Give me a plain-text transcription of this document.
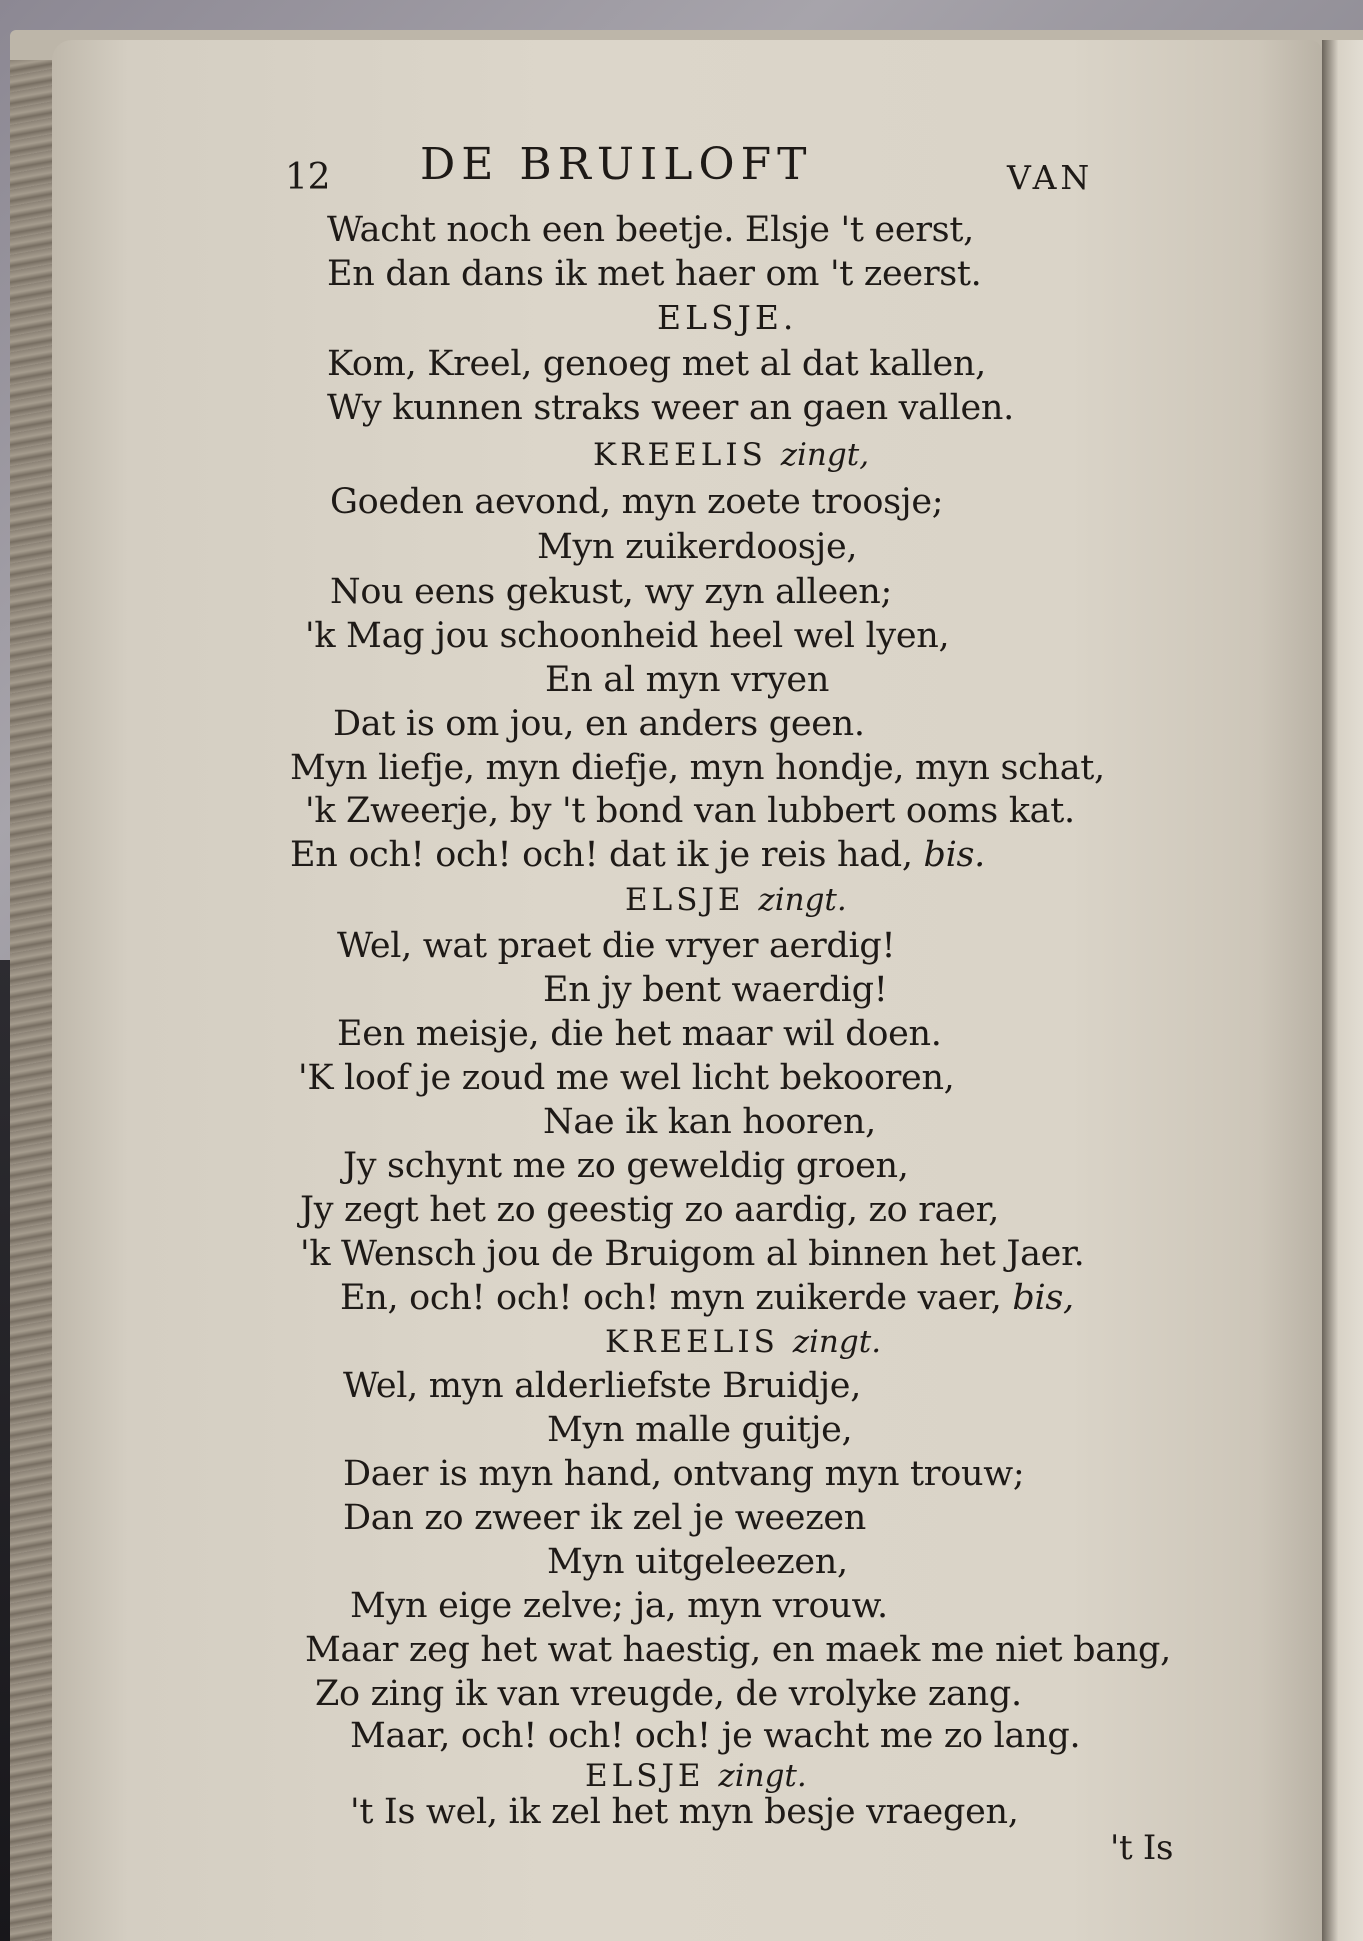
12 DE BRUILOFT	VAN
Wacht noch een beetje. Elsje 't eerst,
En dan dans ik met haer om 't zeerst.
ELSJE.
Kom, Kreel, genoeg met al dat kallen,
Wy kunnen straks weer an gaen vallen.
KREELIS zingt,
Goeden aevond, myn zoete troosje;
Myn zuikerdoosje,
Nou eens gekust, wy zyn alleen;
'k Mag jou schoonheid heel wel lyen,
En al myn vryen
Dat is om jou, en anders geen.
Myn liefje, myn diefje, myn hondje, myn schat,
'k Zweerje, by 't bond van lubbert ooms kat.
En och! och! och! dat ik je reis had, bis.
ELSJE zingt.
Wel, wat praet die vryer aerdig!
En jy bent waerdig!
Een meisje, die het maar wil doen.
'K loof je zoud me wel licht bekooren,
Nae ik kan hooren,
Jy schynt me zo geweldig groen,
Jy zegt het zo geestig zo aardig, zo raer,
'k Wensch jou de Bruigom al binnen het Jaer.
En, och! och! och! myn zuikerde vaer, bis,
KREELIS zingt.
Wel, myn alderliefste Bruidje,
Myn malle guitje,
Daer is myn hand, ontvang myn trouw;
Dan zo zweer ik zel je weezen
Myn uitgeleezen,
Myn eige zelve; ja, myn vrouw.
Maar zeg het wat haestig, en maek me niet bang,
Zo zing ik van vreugde, de vrolyke zang.
Maar, och! och! och! je wacht me zo lang.
ELSJE zingt.
't Is wel, ik zel het myn besje vraegen,
't Is
